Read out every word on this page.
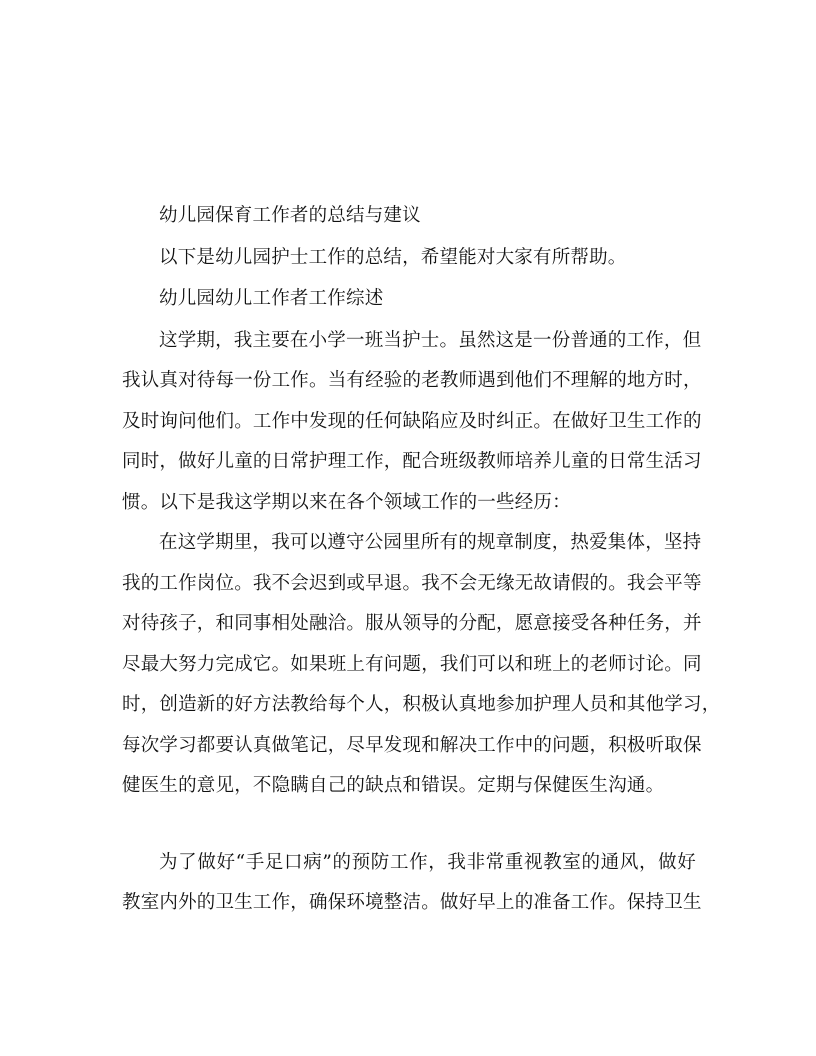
幼儿园保育工作者的总结与建议

以下是幼儿园护士工作的总结，希望能对大家有所帮助。

幼儿园幼儿工作者工作综述

这学期，我主要在小学一班当护士。虽然这是一份普通的工作，但

我认真对待每一份工作。当有经验的老教师遇到他们不理解的地方时，

及时询问他们。工作中发现的任何缺陷应及时纠正。在做好卫生工作的

同时，做好儿童的日常护理工作，配合班级教师培养儿童的日常生活习

惯。以下是我这学期以来在各个领域工作的一些经历：

在这学期里，我可以遵守公园里所有的规章制度，热爱集体，坚持

我的工作岗位。我不会迟到或早退。我不会无缘无故请假的。我会平等

对待孩子，和同事相处融洽。服从领导的分配，愿意接受各种任务，并

尽最大努力完成它。如果班上有问题，我们可以和班上的老师讨论。同

时，创造新的好方法教给每个人，积极认真地参加护理人员和其他学习，

每次学习都要认真做笔记，尽早发现和解决工作中的问题，积极听取保

健医生的意见，不隐瞒自己的缺点和错误。定期与保健医生沟通。

为了做好“手足口病”的预防工作，我非常重视教室的通风，做好

教室内外的卫生工作，确保环境整洁。做好早上的准备工作。保持卫生
